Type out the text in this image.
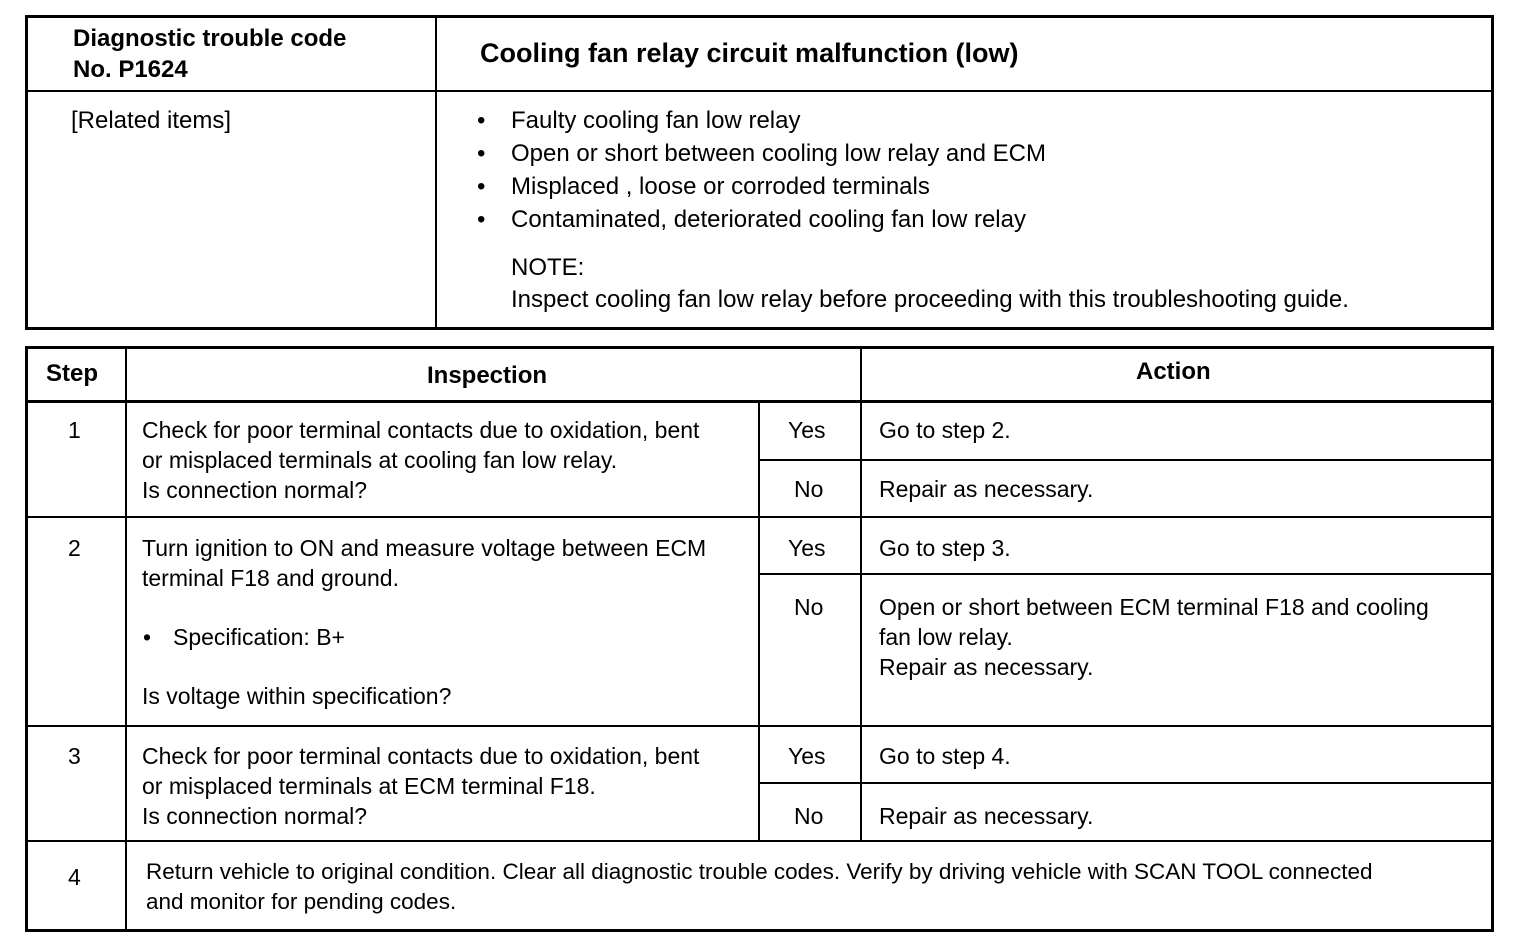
Diagnostic trouble code
No. P1624
Cooling fan relay circuit malfunction (low)
[Related items]	• Faulty cooling fan low relay
• Open or short between cooling low relay and ECM
• Misplaced , loose or corroded terminals
• Contaminated, deteriorated cooling fan low relay
NOTE:
Inspect cooling fan low relay before proceeding with this troubleshooting guide.
Step	Inspection	Action
1	Check for poor terminal contacts due to oxidation, bent
or misplaced terminals at cooling fan low relay.
Is connection normal?
Yes Go to step 2.
No Repair as necessary.
2	Turn ignition to ON and measure voltage between ECM
terminal F18 and ground.
• Specification: B+
Is voltage within specification?
Yes Go to step 3.
No Open or short between ECM terminal F18 and cooling
fan low relay.
Repair as necessary.
3	Check for poor terminal contacts due to oxidation, bent
or misplaced terminals at ECM terminal F18.
Is connection normal?
Yes Go to step 4.
No Repair as necessary.
4	Return vehicle to original condition. Clear all diagnostic trouble codes. Verify by driving vehicle with SCAN TOOL connected
and monitor for pending codes.
